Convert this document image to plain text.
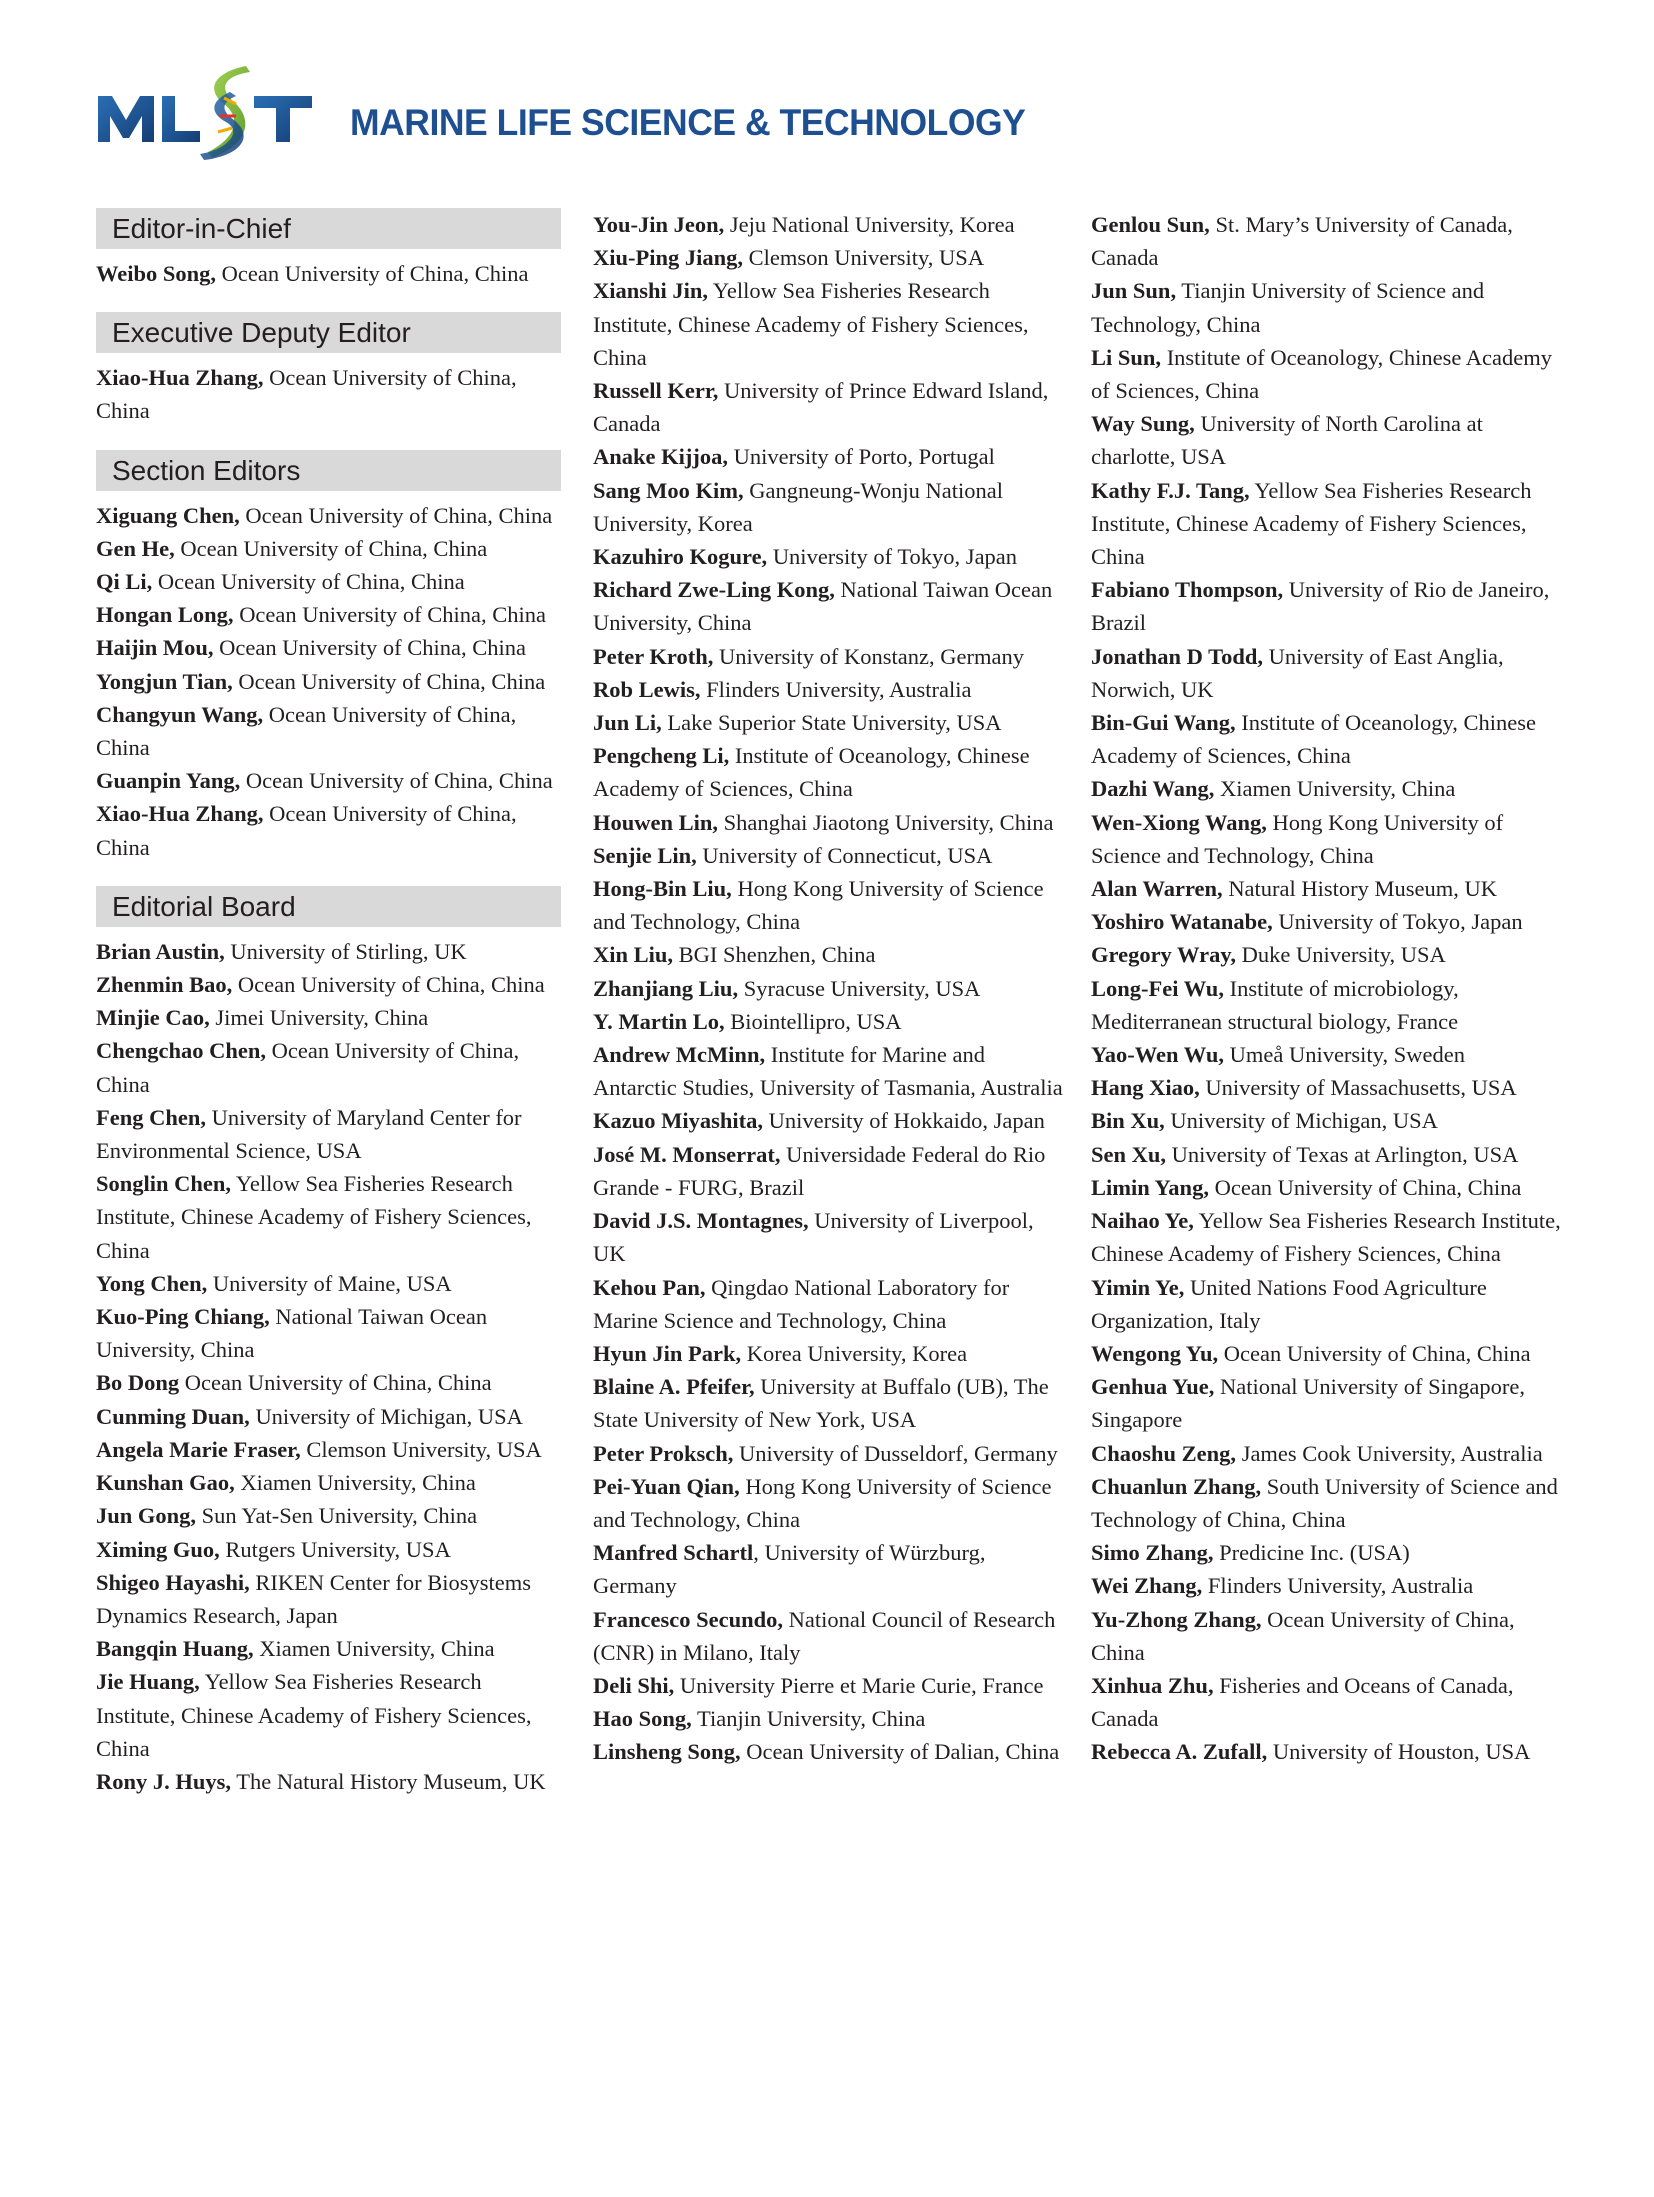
MARINE LIFE SCIENCE & TECHNOLOGY
Editor-in-Chief
Weibo Song, Ocean University of China, China
Executive Deputy Editor
Xiao-Hua Zhang, Ocean University of China, China
Section Editors
Xiguang Chen, Ocean University of China, China
Gen He, Ocean University of China, China
Qi Li, Ocean University of China, China
Hongan Long, Ocean University of China, China
Haijin Mou, Ocean University of China, China
Yongjun Tian, Ocean University of China, China
Changyun Wang, Ocean University of China, China
Guanpin Yang, Ocean University of China, China
Xiao-Hua Zhang, Ocean University of China, China
Editorial Board
Brian Austin, University of Stirling, UK
Zhenmin Bao, Ocean University of China, China
Minjie Cao, Jimei University, China
Chengchao Chen, Ocean University of China, China
Feng Chen, University of Maryland Center for Environmental Science, USA
Songlin Chen, Yellow Sea Fisheries Research Institute, Chinese Academy of Fishery Sciences, China
Yong Chen, University of Maine, USA
Kuo-Ping Chiang, National Taiwan Ocean University, China
Bo Dong Ocean University of China, China
Cunming Duan, University of Michigan, USA
Angela Marie Fraser, Clemson University, USA
Kunshan Gao, Xiamen University, China
Jun Gong, Sun Yat-Sen University, China
Ximing Guo, Rutgers University, USA
Shigeo Hayashi, RIKEN Center for Biosystems Dynamics Research, Japan
Bangqin Huang, Xiamen University, China
Jie Huang, Yellow Sea Fisheries Research Institute, Chinese Academy of Fishery Sciences, China
Rony J. Huys, The Natural History Museum, UK
You-Jin Jeon, Jeju National University, Korea
Xiu-Ping Jiang, Clemson University, USA
Xianshi Jin, Yellow Sea Fisheries Research Institute, Chinese Academy of Fishery Sciences, China
Russell Kerr, University of Prince Edward Island, Canada
Anake Kijjoa, University of Porto, Portugal
Sang Moo Kim, Gangneung-Wonju National University, Korea
Kazuhiro Kogure, University of Tokyo, Japan
Richard Zwe-Ling Kong, National Taiwan Ocean University, China
Peter Kroth, University of Konstanz, Germany
Rob Lewis, Flinders University, Australia
Jun Li, Lake Superior State University, USA
Pengcheng Li, Institute of Oceanology, Chinese Academy of Sciences, China
Houwen Lin, Shanghai Jiaotong University, China
Senjie Lin, University of Connecticut, USA
Hong-Bin Liu, Hong Kong University of Science and Technology, China
Xin Liu, BGI Shenzhen, China
Zhanjiang Liu, Syracuse University, USA
Y. Martin Lo, Biointellipro, USA
Andrew McMinn, Institute for Marine and Antarctic Studies, University of Tasmania, Australia
Kazuo Miyashita, University of Hokkaido, Japan
José M. Monserrat, Universidade Federal do Rio Grande - FURG, Brazil
David J.S. Montagnes, University of Liverpool, UK
Kehou Pan, Qingdao National Laboratory for Marine Science and Technology, China
Hyun Jin Park, Korea University, Korea
Blaine A. Pfeifer, University at Buffalo (UB), The State University of New York, USA
Peter Proksch, University of Dusseldorf, Germany
Pei-Yuan Qian, Hong Kong University of Science and Technology, China
Manfred Schartl, University of Würzburg, Germany
Francesco Secundo, National Council of Research (CNR) in Milano, Italy
Deli Shi, University Pierre et Marie Curie, France
Hao Song, Tianjin University, China
Linsheng Song, Ocean University of Dalian, China
Genlou Sun, St. Mary’s University of Canada, Canada
Jun Sun, Tianjin University of Science and Technology, China
Li Sun, Institute of Oceanology, Chinese Academy of Sciences, China
Way Sung, University of North Carolina at charlotte, USA
Kathy F.J. Tang, Yellow Sea Fisheries Research Institute, Chinese Academy of Fishery Sciences, China
Fabiano Thompson, University of Rio de Janeiro, Brazil
Jonathan D Todd, University of East Anglia, Norwich, UK
Bin-Gui Wang, Institute of Oceanology, Chinese Academy of Sciences, China
Dazhi Wang, Xiamen University, China
Wen-Xiong Wang, Hong Kong University of Science and Technology, China
Alan Warren, Natural History Museum, UK
Yoshiro Watanabe, University of Tokyo, Japan
Gregory Wray, Duke University, USA
Long-Fei Wu, Institute of microbiology, Mediterranean structural biology, France
Yao-Wen Wu, Umeå University, Sweden
Hang Xiao, University of Massachusetts, USA
Bin Xu, University of Michigan, USA
Sen Xu, University of Texas at Arlington, USA
Limin Yang, Ocean University of China, China
Naihao Ye, Yellow Sea Fisheries Research Institute, Chinese Academy of Fishery Sciences, China
Yimin Ye, United Nations Food Agriculture Organization, Italy
Wengong Yu, Ocean University of China, China
Genhua Yue, National University of Singapore, Singapore
Chaoshu Zeng, James Cook University, Australia
Chuanlun Zhang, South University of Science and Technology of China, China
Simo Zhang, Predicine Inc. (USA)
Wei Zhang, Flinders University, Australia
Yu-Zhong Zhang, Ocean University of China, China
Xinhua Zhu, Fisheries and Oceans of Canada, Canada
Rebecca A. Zufall, University of Houston, USA
